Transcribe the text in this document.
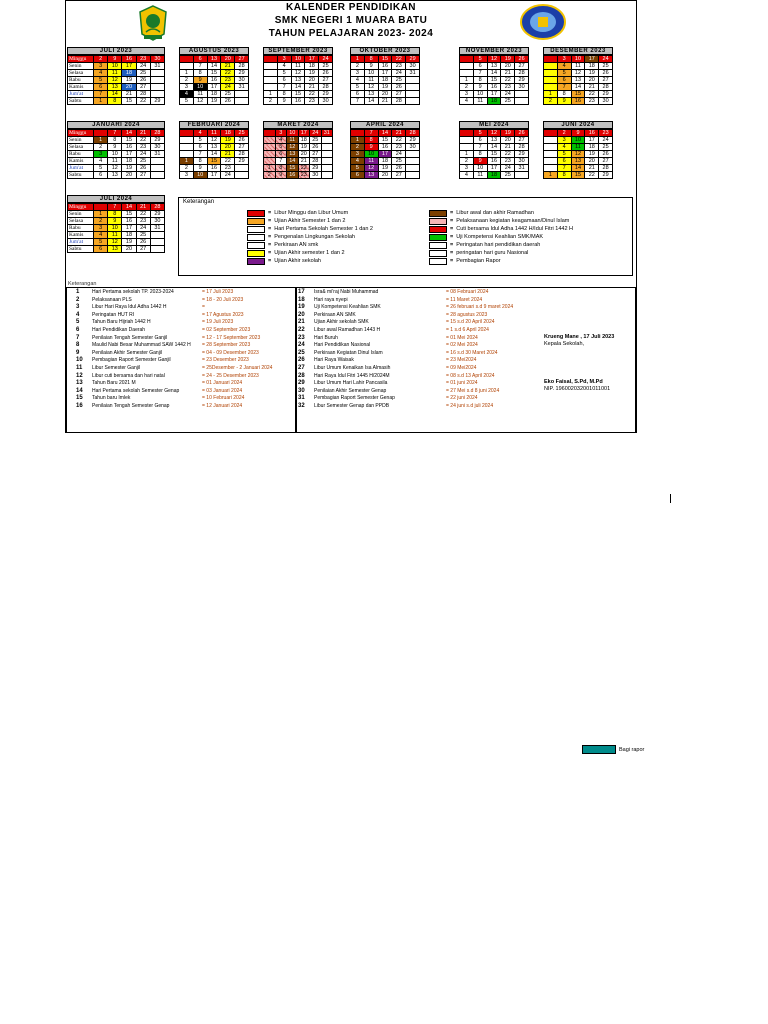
KALENDER PENDIDIKAN
SMK NEGERI 1 MUARA BATU
TAHUN PELAJARAN 2023- 2024
JULI 2023
Minggu	2	9	16	23	30
Senin	3	10	17	24	31
Selasa	4	11	18	25	
Rabu	5	12	19	26	
Kamis	6	13	20	27	
Jum'at	7	14	21	28	
Sabtu	1	8	15	22	29
AGUSTUS 2023
	6	13	20	27
	7	14	21	28
1	8	15	22	29
2	9	16	23	30
3	10	17	24	31
4	11	18	25	
5	12	19	26	
SEPTEMBER 2023
	3	10	17	24
	4	11	18	25
	5	12	19	26
	6	13	20	27
	7	14	21	28
1	8	15	22	29
2	9	16	23	30
OKTOBER 2023
1	8	15	22	29
2	9	16	23	30
3	10	17	24	31
4	11	18	25	
5	12	19	26	
6	13	20	27	
7	14	21	28	
NOVEMBER 2023
	5	12	19	26
	6	13	20	27
	7	14	21	28
1	8	15	22	29
2	9	16	23	30
3	10	17	24	
4	11	18	25	
DESEMBER 2023
	3	10	17	24
	4	11	18	25
	5	12	19	26
	6	13	20	27
	7	14	21	28
1	8	15	22	29
2	9	16	23	30
JANUARI 2024
Minggu		7	14	21	28
Senin	1	8	15	22	29
Selasa	2	9	16	23	30
Rabu	3	10	17	24	31
Kamis	4	11	18	25	
Jum'at	5	12	19	26	
Sabtu	6	13	20	27	
FEBRUARI 2024
	4	11	18	25
	5	12	19	26
	6	13	20	27
	7	14	21	28
1	8	15	22	29
2	9	16	23	
3	10	17	24	
MARET 2024
	3	10	17	24	31
	4	11	18	25	
	5	12	19	26	
	6	13	20	27	
	7	14	21	28	
1	8	15	22	29	
2	9	16	23	30	
APRIL 2024
	7	14	21	28
1	8	15	22	29
2	9	16	23	30
3	10	17	24	
4	11	18	25	
5	12	19	26	
6	13	20	27	
MEI 2024
	5	12	19	26
	6	13	20	27
	7	14	21	28
1	8	15	22	29
2	9	16	23	30
3	10	17	24	31
4	11	18	25	
JUNI 2024
	2	9	16	23
	3	10	17	24
	4	11	18	25
	5	12	19	26
	6	13	20	27
	7	14	21	28
1	8	15	22	29
JULI 2024
Minggu		7	14	21	28
Senin	1	8	15	22	29
Selasa	2	9	16	23	30
Rabu	3	10	17	24	31
Kamis	4	11	18	25	
Jum'at	5	12	19	26	
Sabtu	6	13	20	27	
Keterangan
= Libur Minggu dan Libur Umum
= Ujian Akhir Semester 1 dan 2
= Hari Pertama Sekolah Semester 1 dan 2
= Pengenalan Lingkungan Sekolah
= Perkiraan AN smk
= Ujian Akhir semester 1 dan 2
= Ujian Akhir sekolah
= Libur awal dan akhir Ramadhan
= Pelaksanaan kegiatan keagamaan/Dinul Islam
= Cuti bersama Idul Adha 1442 H/Idul Fitri 1442 H
= Uji Kompetensi Keahlian SMK/MAK
= Peringatan hari pendidikan daerah
= peringatan hari guru Nasional
= Pembagian Rapor
Keterangan
1	Hari Pertama sekolah TP. 2023-2024	= 17 Juli 2023
2	Pelaksanaan PLS	= 18 - 20 Juli 2023
3	Libur Hari Raya Idul Adha 1442 H	=
4	Peringatan HUT RI	= 17 Agustus 2023
5	Tahun Baru Hijriah 1442 H	= 19 Juli 2023
6	Hari Pendidikan Daerah	= 02 September 2023
7	Penilaian Tengah Semester Ganjil	= 12 - 17 September 2023
8	Maulid Nabi Besar Muhammad SAW 1442 H = 28 September 2023
9	Penilaian Akhir Semester Ganjil	= 04 - 09 Desember 2023
10 Pembagian Raport Semester Ganjil	= 23 Desember 2023
11 Libur Semester Ganjil	= 25Desember - 2 Januari 2024
12 Libur cuti bersama dan hari natal	= 24 - 25 Desember 2023
13 Tahun Baru 2021 M	= 01 Januari 2024
14 Hari Pertama sekolah Semester Genap	= 03 Januari 2024
15 Tahun baru Imlek	= 10 Februari 2024
16 Penilaian Tengah Semester Genap	= 12 Januari 2024
17 Isra& mi'raj Nabi Muhammad	= 08 Februari 2024
18 Hari raya nyepi	= 11 Maret 2024
19 Uji Kompetensi Keahlian SMK	= 26 februari s.d 9 maret 2024
20 Perkiraan AN SMK	= 28 agustus 2023
21 Ujian Akhir sekolah SMK	= 15 s.d 20 April 2024
22 Libur awal Ramadhan 1443 H	= 1 s.d 6 April 2024
23 Hari Buruh	= 01 Mei 2024
24 Hari Pendidikan Nasional	= 02 Mei 2024
25 Perkiraan Kegiatan Dinul Islam	= 16 s.d 30 Maret 2024
26 Hari Raya Waisak	= 23 Mei2024
27 Libur Umum Kenaikan Isa Almasih	= 09 Mei2024
28 Hari Raya Idul Fitri 1445 H/2024M	= 08 s.d 13 April 2024
29 Libur Umum Hari Lahir Pancasila	= 01 juni 2024
30 Penilaian Akhir Semester Genap	= 27 Mei s.d 8 juni 2024
31 Pembagian Raport Semester Genap	= 22 juni 2024
32 Libur Semester Genap dan PPDB	= 24 juni s.d juli 2024
Krueng Mane , 17 Juli 2023
Kepala Sekolah,
Eko Faisal, S.Pd, M.Pd
NIP. 196002032001011001
Bagi rapor
